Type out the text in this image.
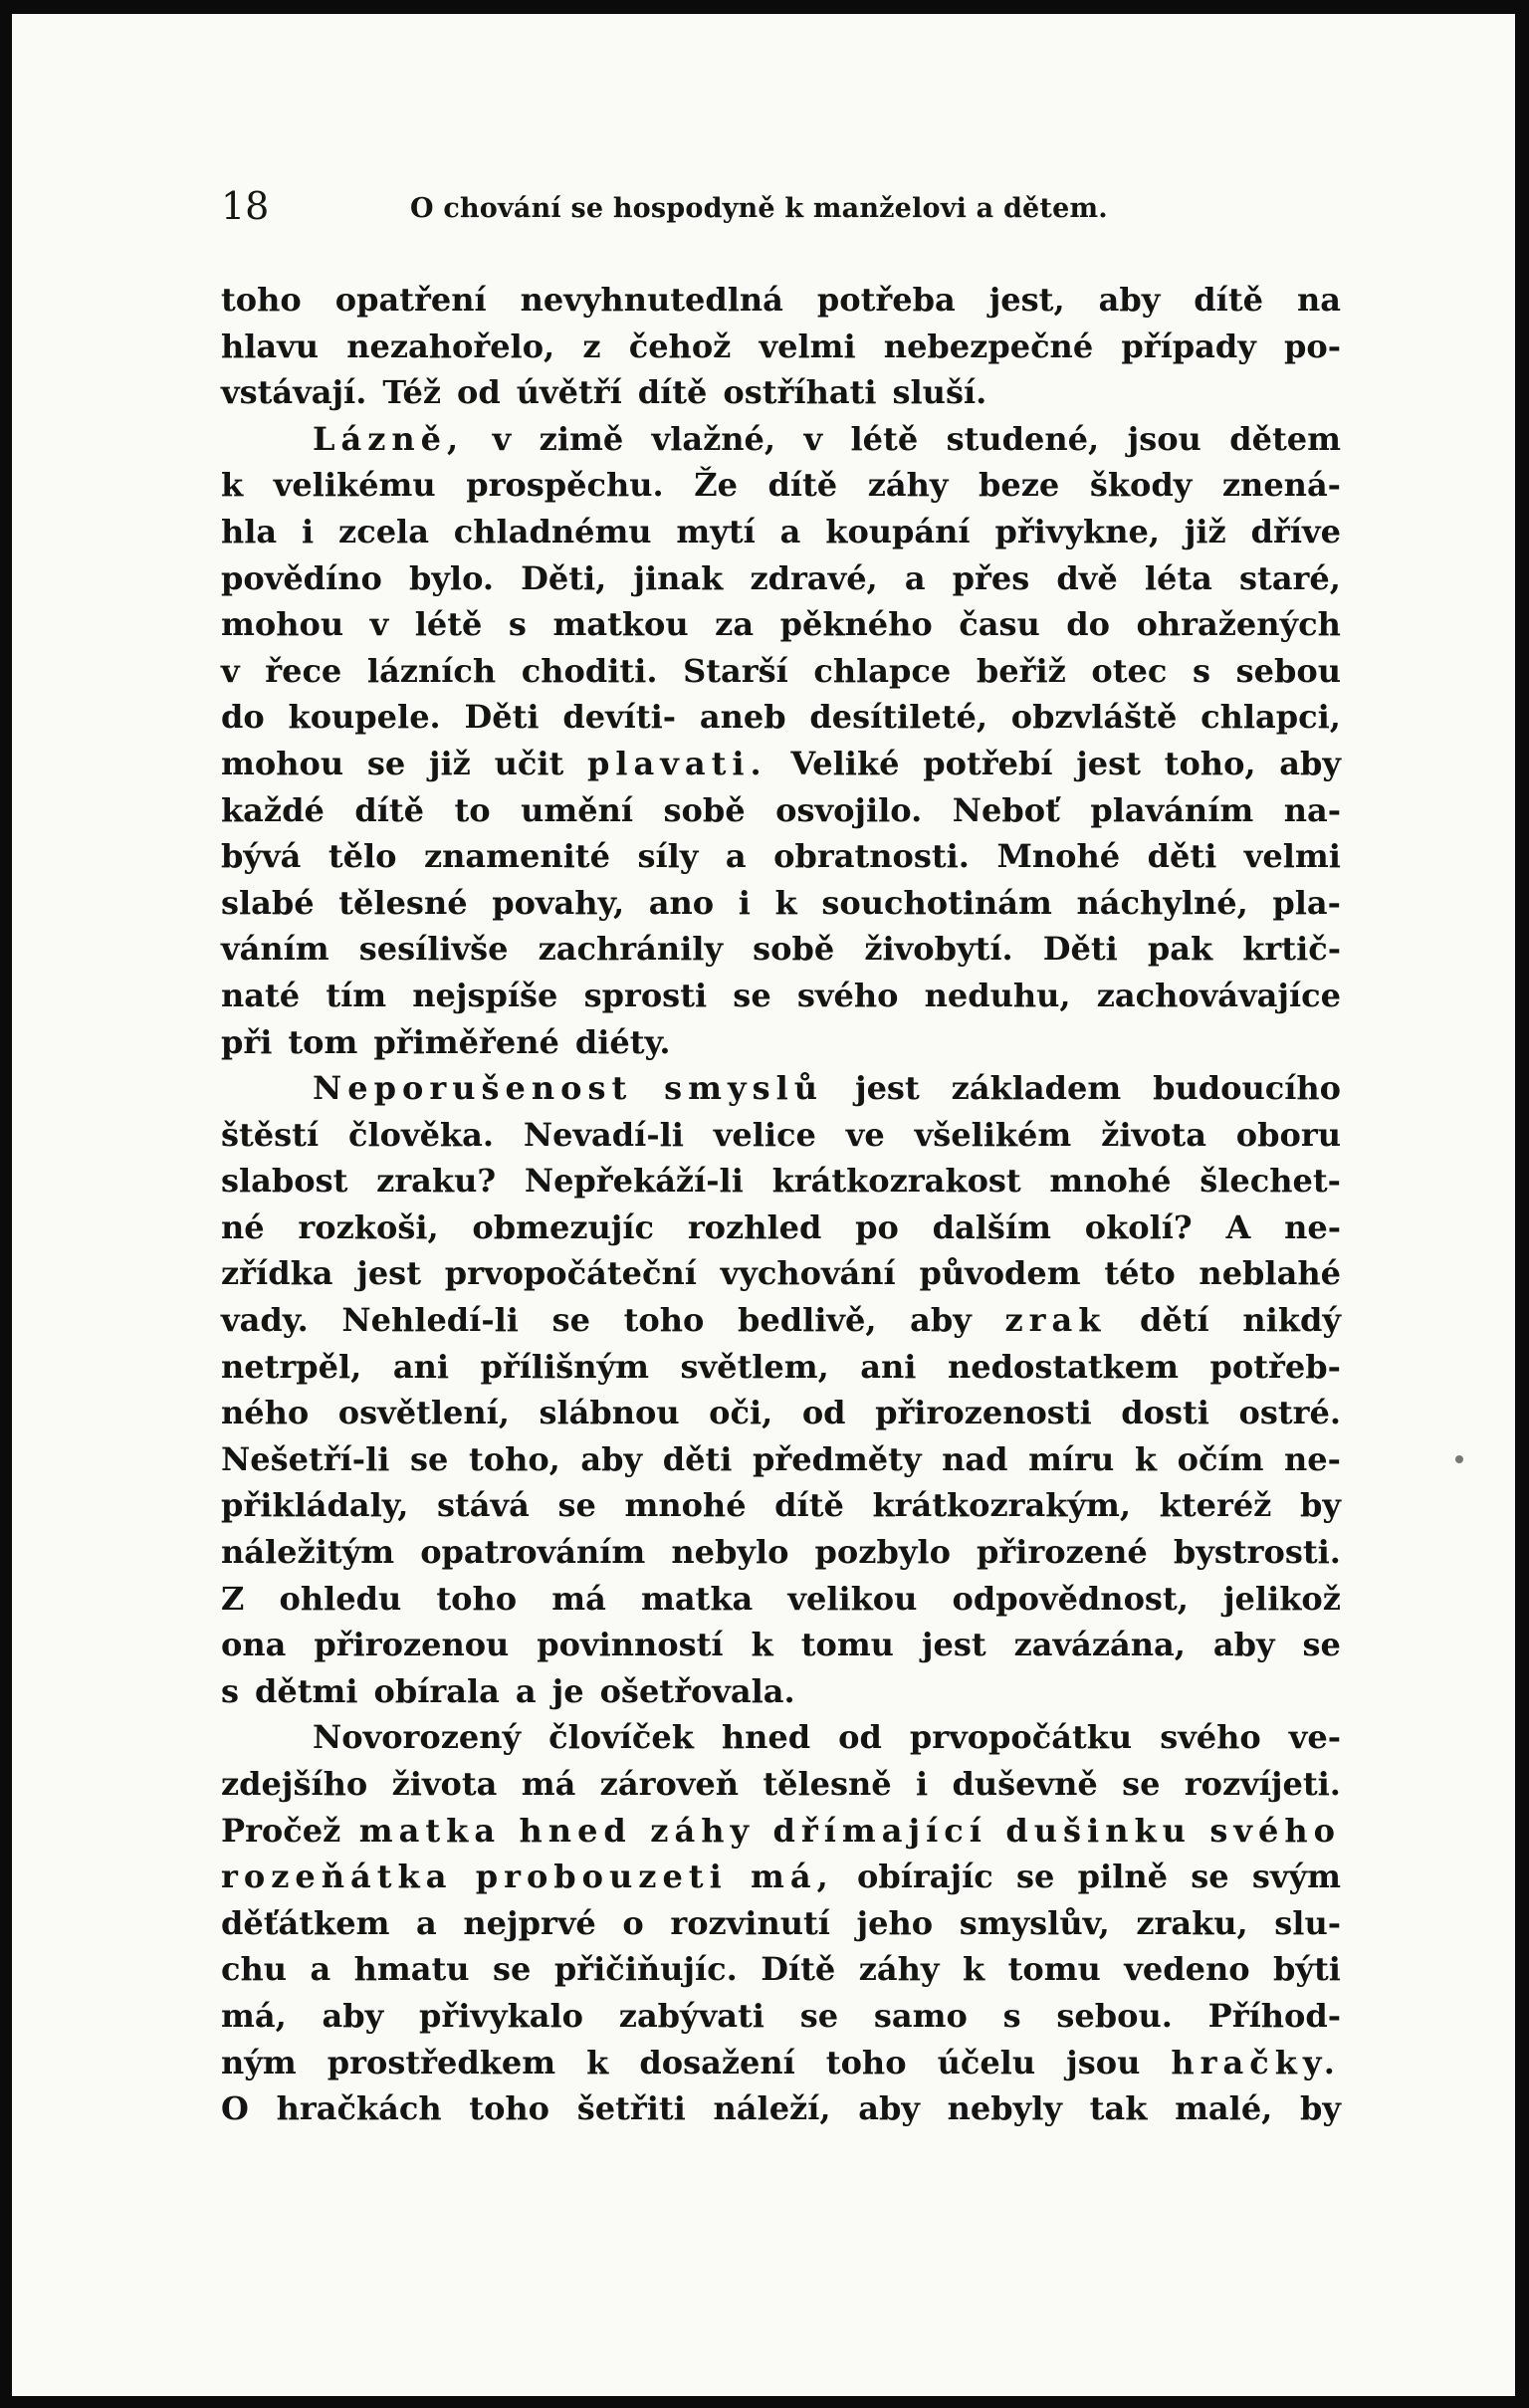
18	O chování se hospodyně k manželovi a dětem.
toho opatření nevyhnutedlná potřeba jest, aby dítě na
hlavu nezahořelo, z čehož velmi nebezpečné případy po-
vstávají. Též od úvětří dítě ostříhati sluší.
Lázně, v zimě vlažné, v létě studené, jsou dětem
k velikému prospěchu. Že dítě záhy beze škody znená-
hla i zcela chladnému mytí a koupání přivykne, již dříve
povědíno bylo. Děti, jinak zdravé, a přes dvě léta staré,
mohou v létě s matkou za pěkného času do ohražených
v řece lázních choditi. Starší chlapce beřiž otec s sebou
do koupele. Děti devíti- aneb desítileté, obzvláště chlapci,
mohou se již učit plavati. Veliké potřebí jest toho, aby
každé dítě to umění sobě osvojilo. Neboť plaváním na-
bývá tělo znamenité síly a obratnosti. Mnohé děti velmi
slabé tělesné povahy, ano i k souchotinám náchylné, pla-
váním sesílivše zachránily sobě živobytí. Děti pak krtič-
naté tím nejspíše sprosti se svého neduhu, zachovávajíce
při tom přiměřené diéty.
Neporušenost smyslů jest základem budoucího
štěstí člověka. Nevadí-li velice ve všelikém života oboru
slabost zraku? Nepřekáží-li krátkozrakost mnohé šlechet-
né rozkoši, obmezujíc rozhled po dalším okolí? A ne-
zřídka jest prvopočáteční vychování původem této neblahé
vady. Nehledí-li se toho bedlivě, aby zrak dětí nikdý
netrpěl, ani přílišným světlem, ani nedostatkem potřeb-
ného osvětlení, slábnou oči, od přirozenosti dosti ostré.
Nešetří-li se toho, aby děti předměty nad míru k očím ne-
přikládaly, stává se mnohé dítě krátkozrakým, kteréž by
náležitým opatrováním nebylo pozbylo přirozené bystrosti.
Z ohledu toho má matka velikou odpovědnost, jelikož
ona přirozenou povinností k tomu jest zavázána, aby se
s dětmi obírala a je ošetřovala.
Novorozený človíček hned od prvopočátku svého ve-
zdejšího života má zároveň tělesně i duševně se rozvíjeti.
Pročež matka hned záhy dřímající dušinku svého
rozeňátka probouzeti má, obírajíc se pilně se svým
děťátkem a nejprvé o rozvinutí jeho smyslův, zraku, slu-
chu a hmatu se přičiňujíc. Dítě záhy k tomu vedeno býti
má, aby přivykalo zabývati se samo s sebou. Příhod-
ným prostředkem k dosažení toho účelu jsou hračky.
O hračkách toho šetřiti náleží, aby nebyly tak malé, by
